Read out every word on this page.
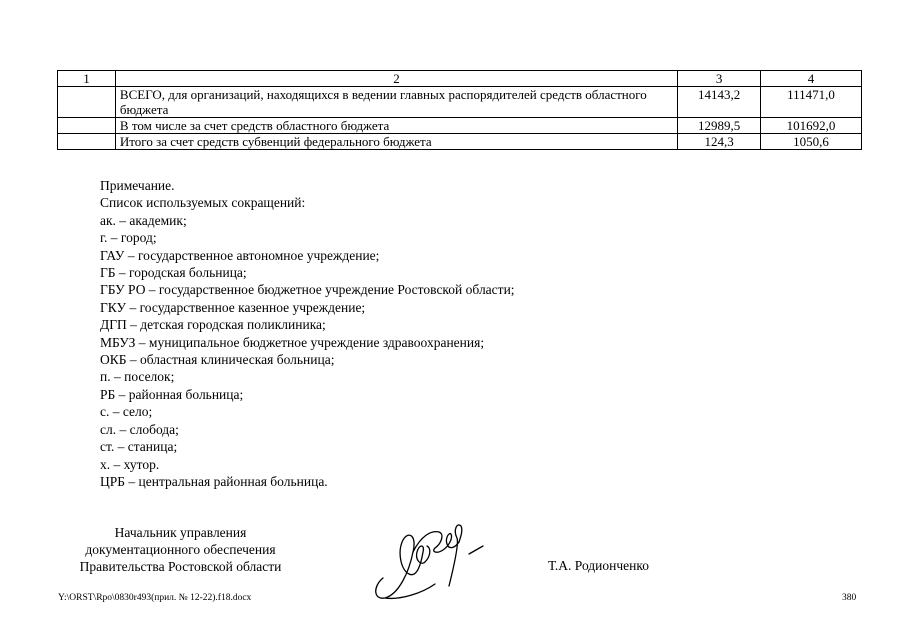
1	2	3	4
	ВСЕГО, для организаций, находящихся в ведении главных распорядителей средств областного бюджета	14143,2	111471,0
	В том числе за счет средств областного бюджета	12989,5	101692,0
	Итого за счет средств субвенций федерального бюджета	124,3	1050,6
Примечание.
Список используемых сокращений:
ак. – академик;
г. – город;
ГАУ – государственное автономное учреждение;
ГБ – городская больница;
ГБУ РО – государственное бюджетное учреждение Ростовской области;
ГКУ – государственное казенное учреждение;
ДГП – детская городская поликлиника;
МБУЗ – муниципальное бюджетное учреждение здравоохранения;
ОКБ – областная клиническая больница;
п. – поселок;
РБ – районная больница;
с. – село;
сл. – слобода;
ст. – станица;
х. – хутор.
ЦРБ – центральная районная больница.
Начальник управления
документационного обеспечения
Правительства Ростовской области	Т.А. Родионченко
Y:\ORST\Rpo\0830r493(прил. № 12-22).f18.docx	380
